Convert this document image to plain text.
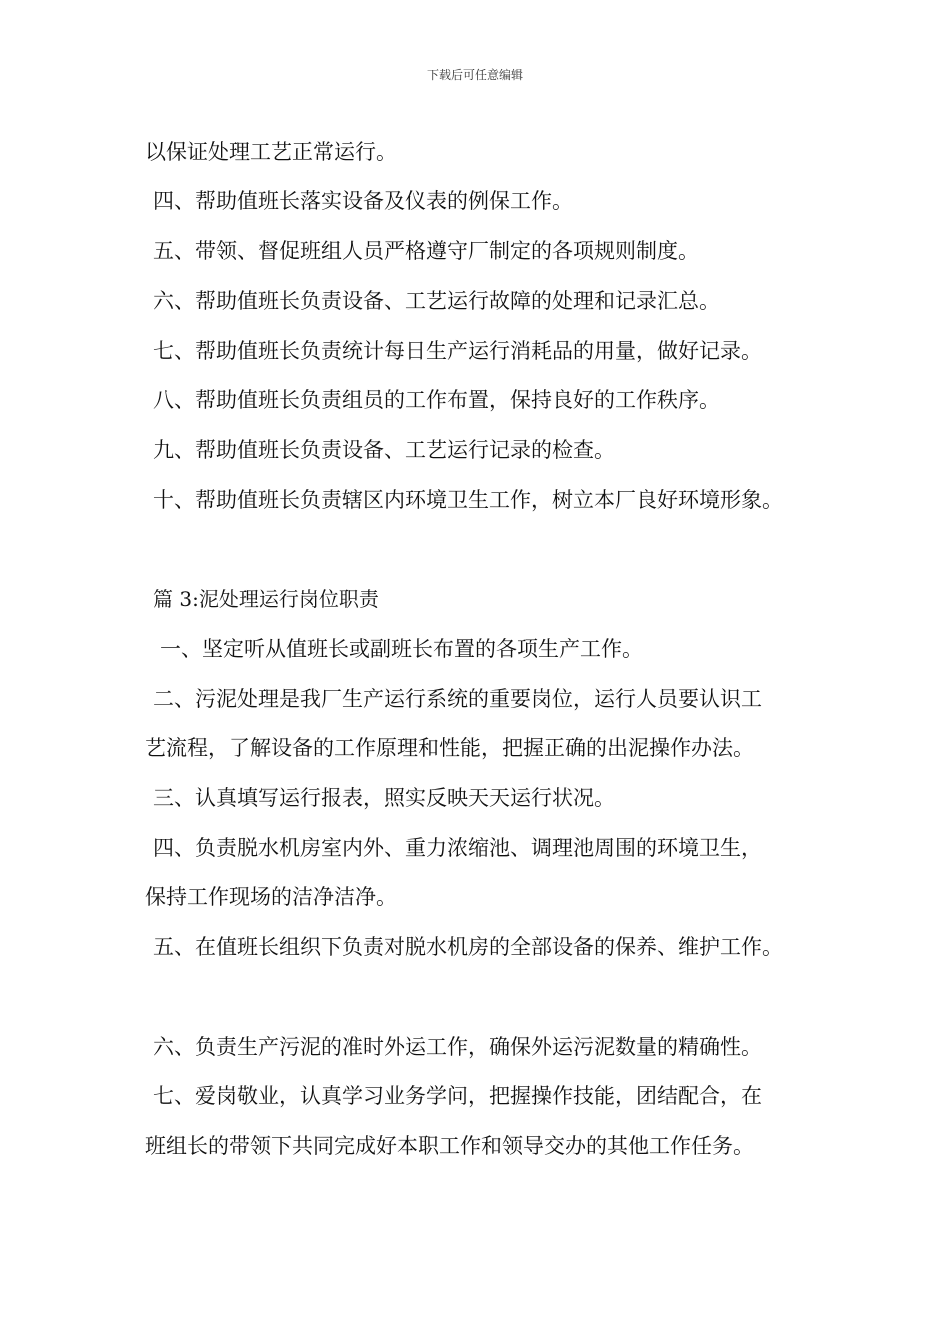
下载后可任意编辑
以保证处理工艺正常运行。
四、帮助值班长落实设备及仪表的例保工作。
五、带领、督促班组人员严格遵守厂制定的各项规则制度。
六、帮助值班长负责设备、工艺运行故障的处理和记录汇总。
七、帮助值班长负责统计每日生产运行消耗品的用量，做好记录。
八、帮助值班长负责组员的工作布置，保持良好的工作秩序。
九、帮助值班长负责设备、工艺运行记录的检查。
十、帮助值班长负责辖区内环境卫生工作，树立本厂良好环境形象。
篇 3:泥处理运行岗位职责
一、坚定听从值班长或副班长布置的各项生产工作。
二、污泥处理是我厂生产运行系统的重要岗位，运行人员要认识工
艺流程，了解设备的工作原理和性能，把握正确的出泥操作办法。
三、认真填写运行报表，照实反映天天运行状况。
四、负责脱水机房室内外、重力浓缩池、调理池周围的环境卫生，
保持工作现场的洁净洁净。
五、在值班长组织下负责对脱水机房的全部设备的保养、维护工作。
六、负责生产污泥的准时外运工作，确保外运污泥数量的精确性。
七、爱岗敬业，认真学习业务学问，把握操作技能，团结配合，在
班组长的带领下共同完成好本职工作和领导交办的其他工作任务。
